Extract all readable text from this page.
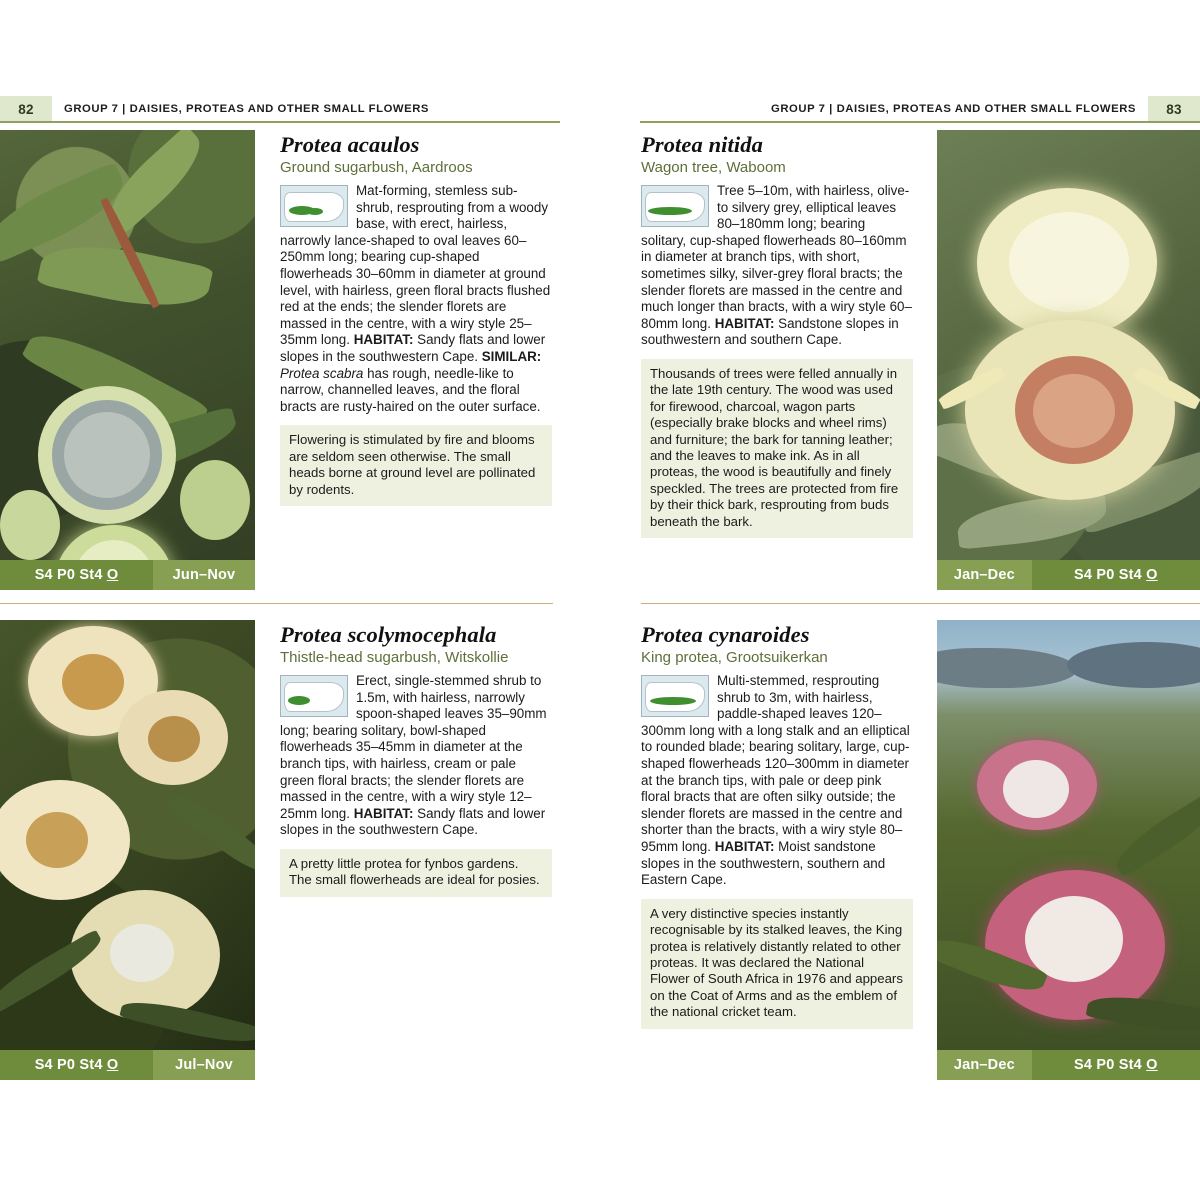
82	GROUP 7 | DAISIES, PROTEAS AND OTHER SMALL FLOWERS	GROUP 7 | DAISIES, PROTEAS AND OTHER SMALL FLOWERS	83
S4 P0 St4 O	Jun–Nov
Protea acaulos
Ground sugarbush, Aardroos
Mat-forming, stemless sub-shrub, resprouting from a woody base, with erect, hairless, narrowly lance-shaped to oval leaves 60–250mm long; bearing cup-shaped flowerheads 30–60mm in diameter at ground level, with hairless, green floral bracts flushed red at the ends; the slender florets are massed in the centre, with a wiry style 25–35mm long. HABITAT: Sandy flats and lower slopes in the southwestern Cape. SIMILAR: Protea scabra has rough, needle-like to narrow, channelled leaves, and the floral bracts are rusty-haired on the outer surface.
Flowering is stimulated by fire and blooms are seldom seen otherwise. The small heads borne at ground level are pollinated by rodents.
Protea nitida
Wagon tree, Waboom
Tree 5–10m, with hairless, olive- to silvery grey, elliptical leaves 80–180mm long; bearing solitary, cup-shaped flowerheads 80–160mm in diameter at branch tips, with short, sometimes silky, silver-grey floral bracts; the slender florets are massed in the centre and much longer than bracts, with a wiry style 60–80mm long. HABITAT: Sandstone slopes in southwestern and southern Cape.
Thousands of trees were felled annually in the late 19th century. The wood was used for firewood, charcoal, wagon parts (especially brake blocks and wheel rims) and furniture; the bark for tanning leather; and the leaves to make ink. As in all proteas, the wood is beautifully and finely speckled. The trees are protected from fire by their thick bark, resprouting from buds beneath the bark.
Jan–Dec	S4 P0 St4 O
S4 P0 St4 O	Jul–Nov
Protea scolymocephala
Thistle-head sugarbush, Witskollie
Erect, single-stemmed shrub to 1.5m, with hairless, narrowly spoon-shaped leaves 35–90mm long; bearing solitary, bowl-shaped flowerheads 35–45mm in diameter at the branch tips, with hairless, cream or pale green floral bracts; the slender florets are massed in the centre, with a wiry style 12–25mm long. HABITAT: Sandy flats and lower slopes in the southwestern Cape.
A pretty little protea for fynbos gardens. The small flowerheads are ideal for posies.
Protea cynaroides
King protea, Grootsuikerkan
Multi-stemmed, resprouting shrub to 3m, with hairless, paddle-shaped leaves 120–300mm long with a long stalk and an elliptical to rounded blade; bearing solitary, large, cup-shaped flowerheads 120–300mm in diameter at the branch tips, with pale or deep pink floral bracts that are often silky outside; the slender florets are massed in the centre and shorter than the bracts, with a wiry style 80–95mm long. HABITAT: Moist sandstone slopes in the southwestern, southern and Eastern Cape.
A very distinctive species instantly recognisable by its stalked leaves, the King protea is relatively distantly related to other proteas. It was declared the National Flower of South Africa in 1976 and appears on the Coat of Arms and as the emblem of the national cricket team.
Jan–Dec	S4 P0 St4 O
